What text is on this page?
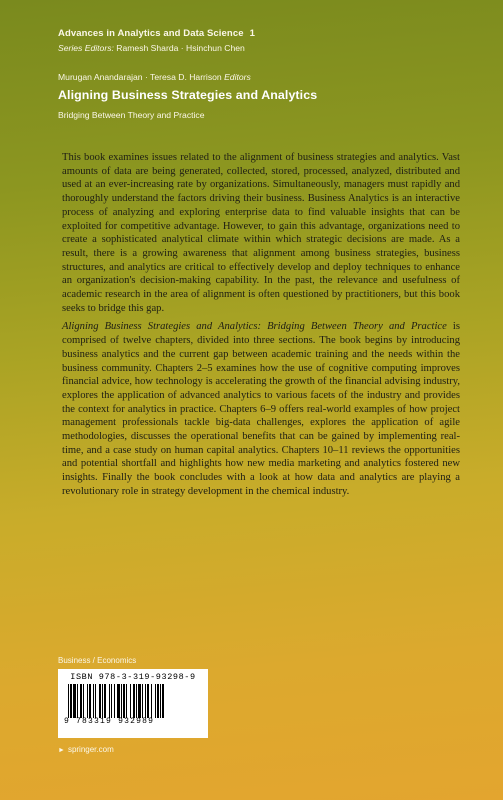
Advances in Analytics and Data Science 1
Series Editors: Ramesh Sharda · Hsinchun Chen
Murugan Anandarajan · Teresa D. Harrison Editors
Aligning Business Strategies and Analytics
Bridging Between Theory and Practice

This book examines issues related to the alignment of business strategies and analytics. Vast amounts of data are being generated, collected, stored, processed, analyzed, distributed and used at an ever-increasing rate by organizations. Simultaneously, managers must rapidly and thoroughly understand the factors driving their business. Business Analytics is an interactive process of analyzing and exploring enterprise data to find valuable insights that can be exploited for competitive advantage. However, to gain this advantage, organizations need to create a sophisticated analytical climate within which strategic decisions are made. As a result, there is a growing awareness that alignment among business strategies, business structures, and analytics are critical to effectively develop and deploy techniques to enhance an organization's decision-making capability. In the past, the relevance and usefulness of academic research in the area of alignment is often questioned by practitioners, but this book seeks to bridge this gap.

Aligning Business Strategies and Analytics: Bridging Between Theory and Practice is comprised of twelve chapters, divided into three sections. The book begins by introducing business analytics and the current gap between academic training and the needs within the business community. Chapters 2–5 examines how the use of cognitive computing improves financial advice, how technology is accelerating the growth of the financial advising industry, explores the application of advanced analytics to various facets of the industry and provides the context for analytics in practice. Chapters 6–9 offers real-world examples of how project management professionals tackle big-data challenges, explores the application of agile methodologies, discusses the operational benefits that can be gained by implementing real-time, and a case study on human capital analytics. Chapters 10–11 reviews the opportunities and potential shortfall and highlights how new media marketing and analytics fostered new insights. Finally the book concludes with a look at how data and analytics are playing a revolutionary role in strategy development in the chemical industry.

Business / Economics
ISBN 978-3-319-93298-9
9 783319 932989
► springer.com
